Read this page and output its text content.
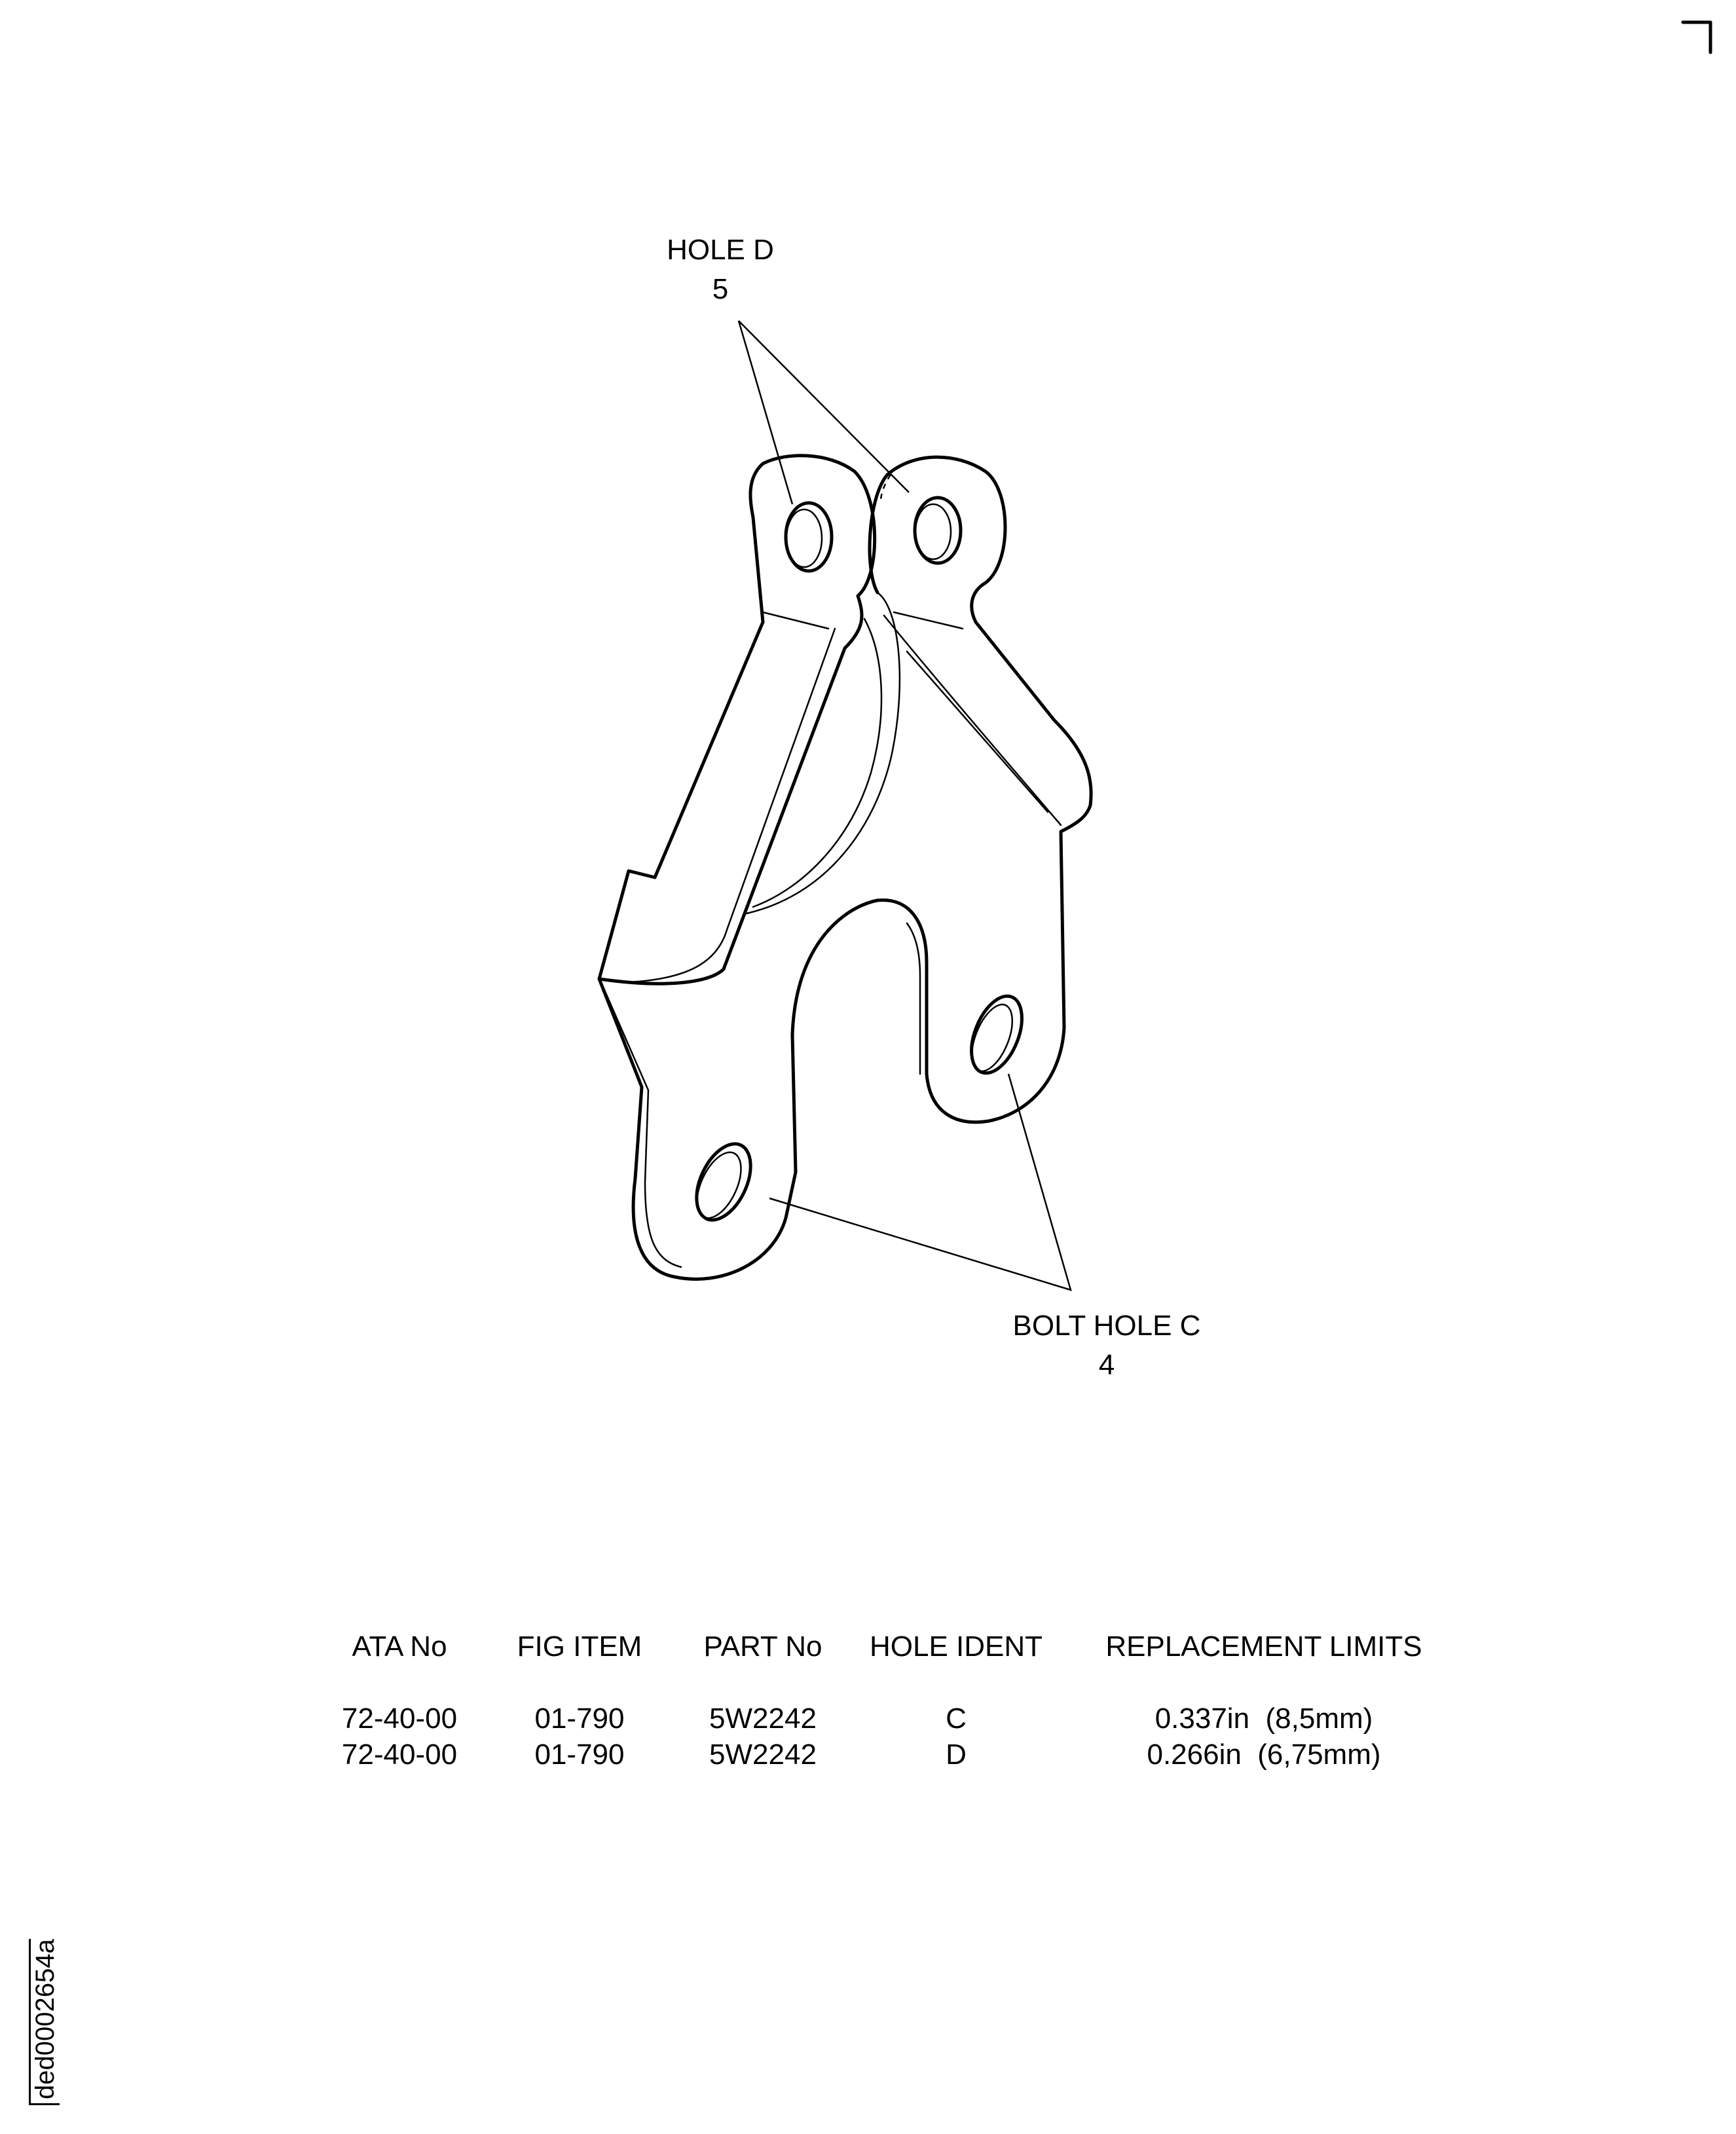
HOLE D
5
BOLT HOLE C
4
ATA No	FIG ITEM	PART No	HOLE IDENT	REPLACEMENT LIMITS
72-40-00	01-790	5W2242	C	0.337in  (8,5mm)
72-40-00	01-790	5W2242	D	0.266in  (6,75mm)
ded0002654a
